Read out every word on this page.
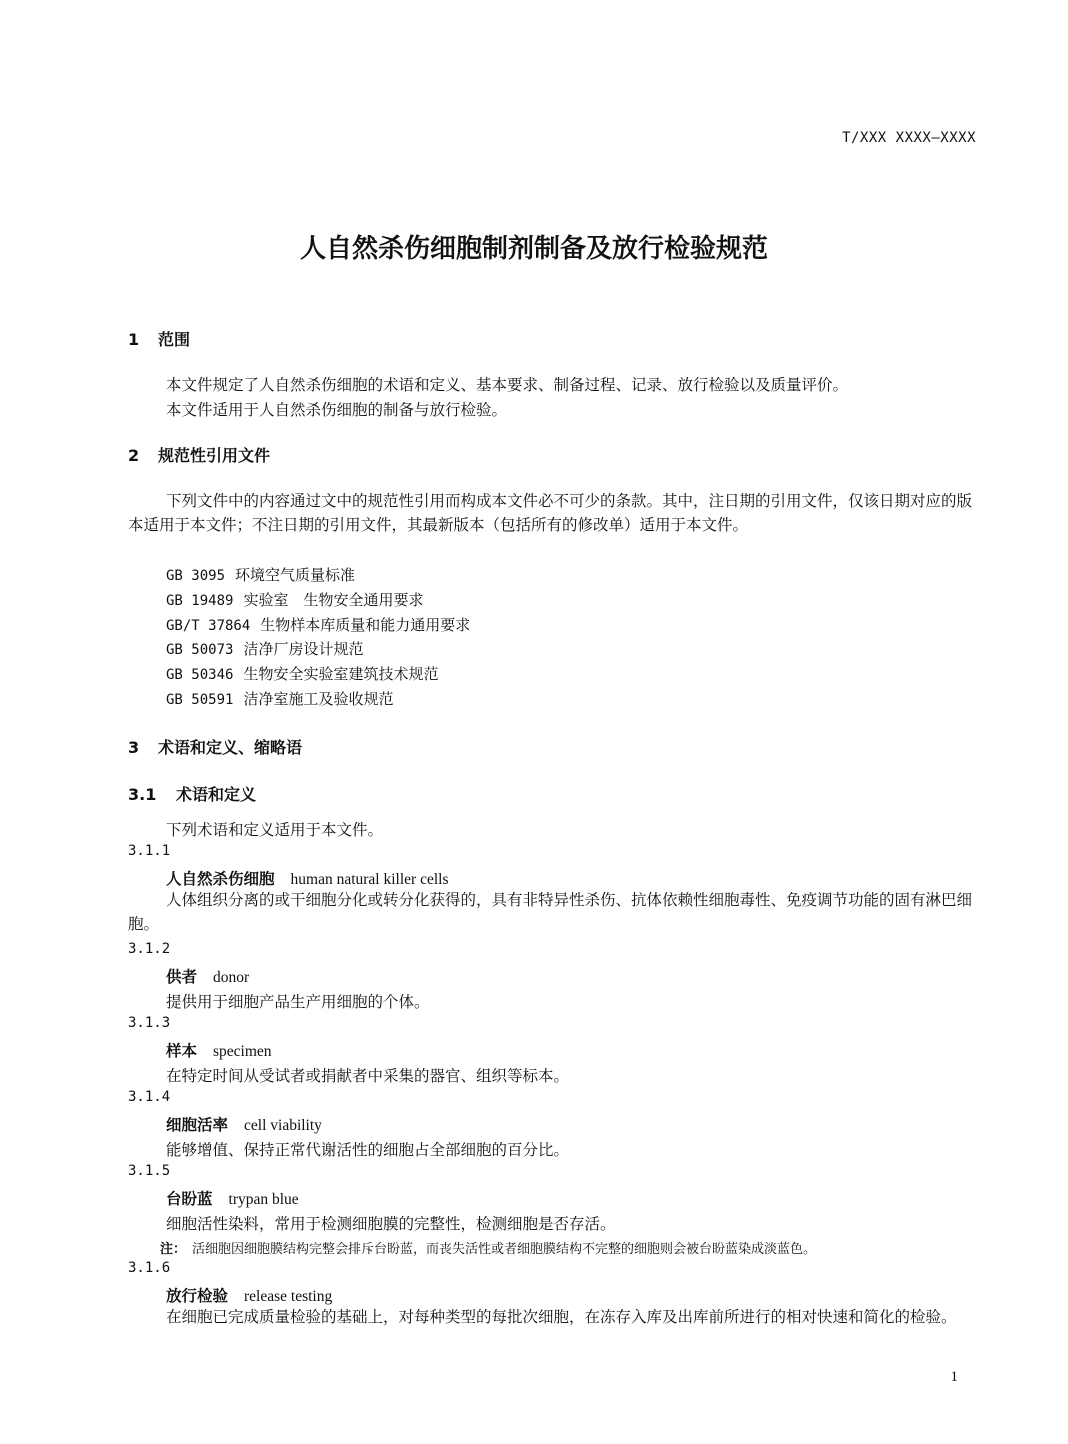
T/XXX XXXX—XXXX
人自然杀伤细胞制剂制备及放行检验规范
1 范围
本文件规定了人自然杀伤细胞的术语和定义、基本要求、制备过程、记录、放行检验以及质量评价。
本文件适用于人自然杀伤细胞的制备与放行检验。
2 规范性引用文件
下列文件中的内容通过文中的规范性引用而构成本文件必不可少的条款。其中，注日期的引用文件，仅该日期对应的版本适用于本文件；不注日期的引用文件，其最新版本（包括所有的修改单）适用于本文件。
GB 3095 环境空气质量标准
GB 19489 实验室　生物安全通用要求
GB/T 37864 生物样本库质量和能力通用要求
GB 50073 洁净厂房设计规范
GB 50346 生物安全实验室建筑技术规范
GB 50591 洁净室施工及验收规范
3 术语和定义、缩略语
3.1 术语和定义
下列术语和定义适用于本文件。
3.1.1
人自然杀伤细胞 human natural killer cells
人体组织分离的或干细胞分化或转分化获得的，具有非特异性杀伤、抗体依赖性细胞毒性、免疫调节功能的固有淋巴细胞。
3.1.2
供者 donor
提供用于细胞产品生产用细胞的个体。
3.1.3
样本 specimen
在特定时间从受试者或捐献者中采集的器官、组织等标本。
3.1.4
细胞活率 cell viability
能够增值、保持正常代谢活性的细胞占全部细胞的百分比。
3.1.5
台盼蓝 trypan blue
细胞活性染料，常用于检测细胞膜的完整性，检测细胞是否存活。
注： 活细胞因细胞膜结构完整会排斥台盼蓝，而丧失活性或者细胞膜结构不完整的细胞则会被台盼蓝染成淡蓝色。
3.1.6
放行检验 release testing
在细胞已完成质量检验的基础上，对每种类型的每批次细胞，在冻存入库及出库前所进行的相对快速和简化的检验。
1
